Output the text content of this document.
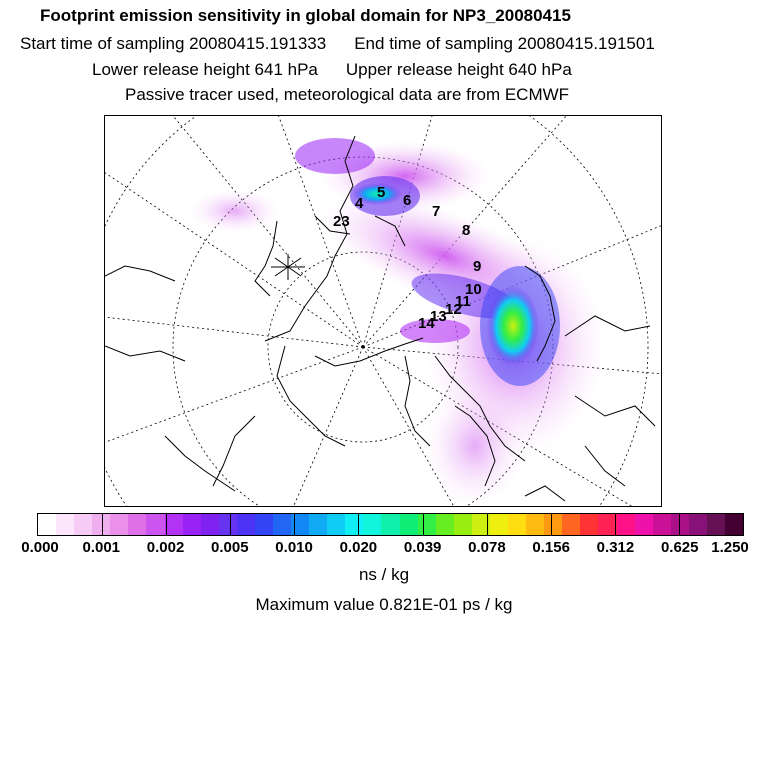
Footprint emission sensitivity in global domain for NP3_20080415
Start time of sampling 20080415.191333 End time of sampling 20080415.191501
Lower release height 641 hPa Upper release height 640 hPa
Passive tracer used, meteorological data are from ECMWF
23
4
5 6
7
8
9
10
11
12
13
14
0.000 0.001 0.002 0.005 0.010 0.020 0.039 0.078 0.156 0.312 0.625 1.250
ns / kg
Maximum value 0.821E-01 ps / kg
